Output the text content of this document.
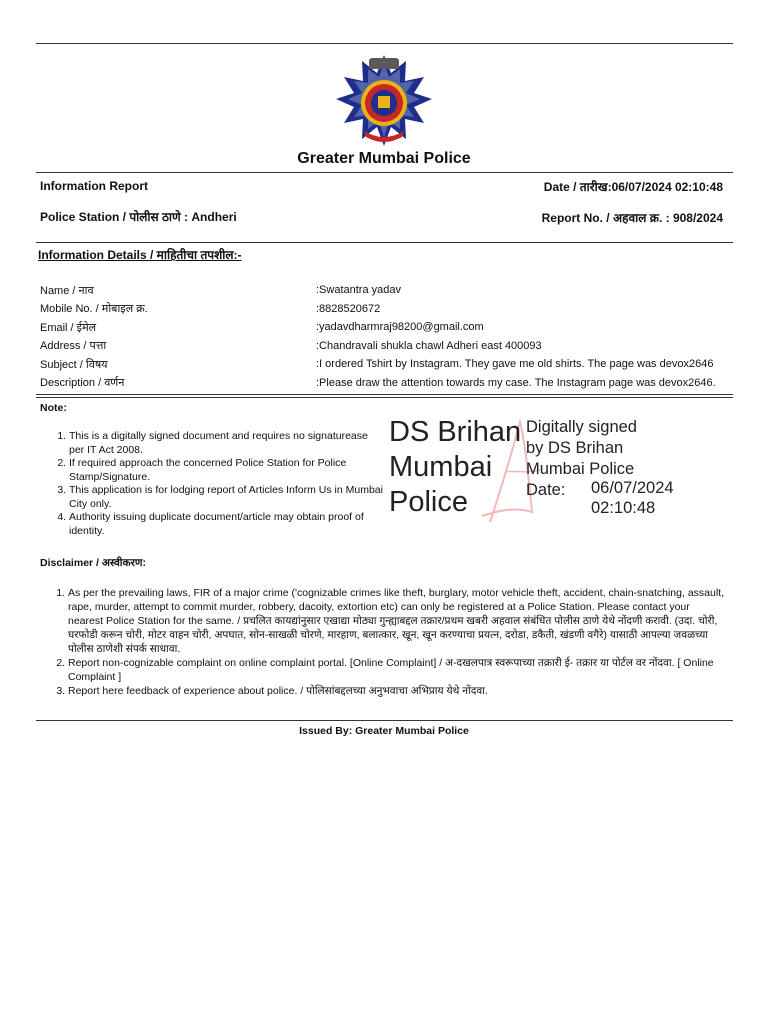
Greater Mumbai Police
Information Report	Date / तारीख:06/07/2024 02:10:48
Police Station / पोलीस ठाणे : Andheri	Report No. / अहवाल क्र. : 908/2024
Information Details / माहितीचा तपशील:-
Name / नाव	:Swatantra yadav
Mobile No. / मोबाइल क्र.	:8828520672
Email / ईमेल	:yadavdharmraj98200@gmail.com
Address / पत्ता	:Chandravali shukla chawl Adheri east 400093
Subject / विषय	:I ordered Tshirt by Instagram. They gave me old shirts. The page was devox2646
Description / वर्णन	:Please draw the attention towards my case. The Instagram page was devox2646.
Note:
1. This is a digitally signed document and requires no signaturease per IT Act 2008.
2. If required approach the concerned Police Station for Police Stamp/Signature.
3. This application is for lodging report of Articles Inform Us in Mumbai City only.
4. Authority issuing duplicate document/article may obtain proof of identity.
DS Brihan
Mumbai
Police
Digitally signed
by DS Brihan
Mumbai Police
Date: 06/07/2024
02:10:48
Disclaimer / अस्वीकरण:
1. As per the prevailing laws, FIR of a major crime ('cognizable crimes like theft, burglary, motor vehicle theft, accident, chain-snatching, assault, rape, murder, attempt to commit murder, robbery, dacoity, extortion etc) can only be registered at a Police Station. Please contact your nearest Police Station for the same. / प्रचलित कायद्यांनुसार एखाद्या मोठ्या गुन्ह्याबद्दल तक्रार/प्रथम खबरी अहवाल संबंधित पोलीस ठाणे येथे नोंदणी करावी. (उदा. चोरी, घरफोडी करून चोरी, मोटर वाहन चोरी, अपघात, सोन-साखळी चोरणे, मारहाण, बलात्कार, खून, खून करण्याचा प्रयत्न, दरोडा, डकैती, खंडणी वगैरे) यासाठी आपल्या जवळच्या पोलीस ठाणेशी संपर्क साधावा.
2. Report non-cognizable complaint on online complaint portal. [Online Complaint] / अ-दखलपात्र स्वरूपाच्या तक्रारी ई- तक्रार या पोर्टल वर नोंदवा. [ Online Complaint ]
3. Report here feedback of experience about police. / पोलिसांबद्दलच्या अनुभवाचा अभिप्राय येथे नोंदवा.
Issued By: Greater Mumbai Police
